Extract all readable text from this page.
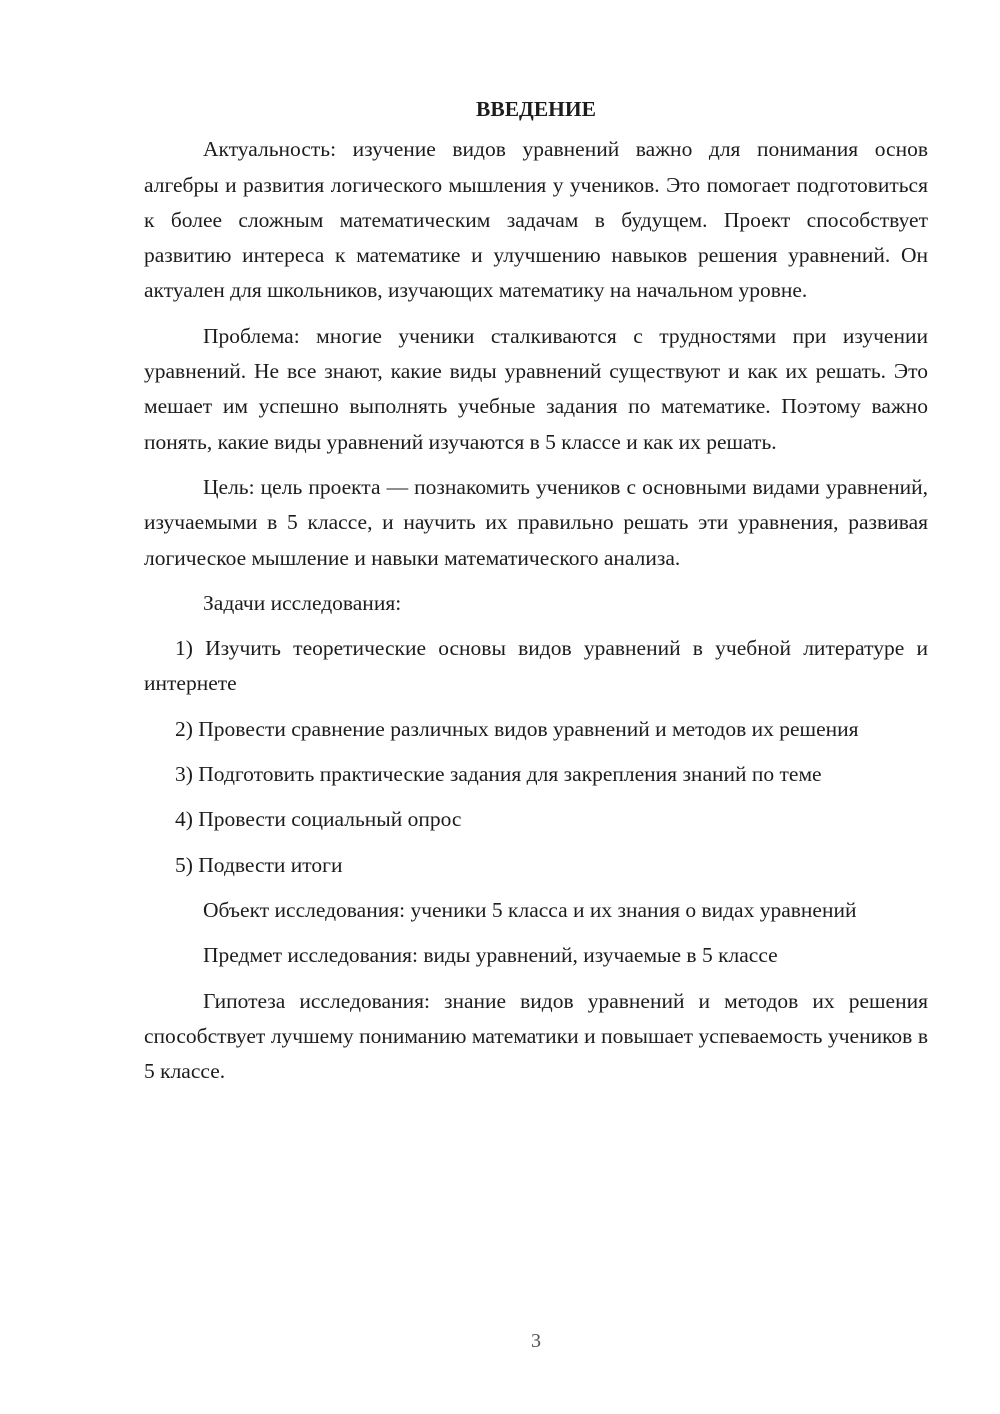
ВВЕДЕНИЕ

Актуальность: изучение видов уравнений важно для понимания основ алгебры и развития логического мышления у учеников. Это помогает подготовиться к более сложным математическим задачам в будущем. Проект способствует развитию интереса к математике и улучшению навыков решения уравнений. Он актуален для школьников, изучающих математику на начальном уровне.

Проблема: многие ученики сталкиваются с трудностями при изучении уравнений. Не все знают, какие виды уравнений существуют и как их решать. Это мешает им успешно выполнять учебные задания по математике. Поэтому важно понять, какие виды уравнений изучаются в 5 классе и как их решать.

Цель: цель проекта — познакомить учеников с основными видами уравнений, изучаемыми в 5 классе, и научить их правильно решать эти уравнения, развивая логическое мышление и навыки математического анализа.

Задачи исследования:

1) Изучить теоретические основы видов уравнений в учебной литературе и интернете

2) Провести сравнение различных видов уравнений и методов их решения

3) Подготовить практические задания для закрепления знаний по теме

4) Провести социальный опрос

5) Подвести итоги

Объект исследования: ученики 5 класса и их знания о видах уравнений

Предмет исследования: виды уравнений, изучаемые в 5 классе

Гипотеза исследования: знание видов уравнений и методов их решения способствует лучшему пониманию математики и повышает успеваемость учеников в 5 классе.

3
